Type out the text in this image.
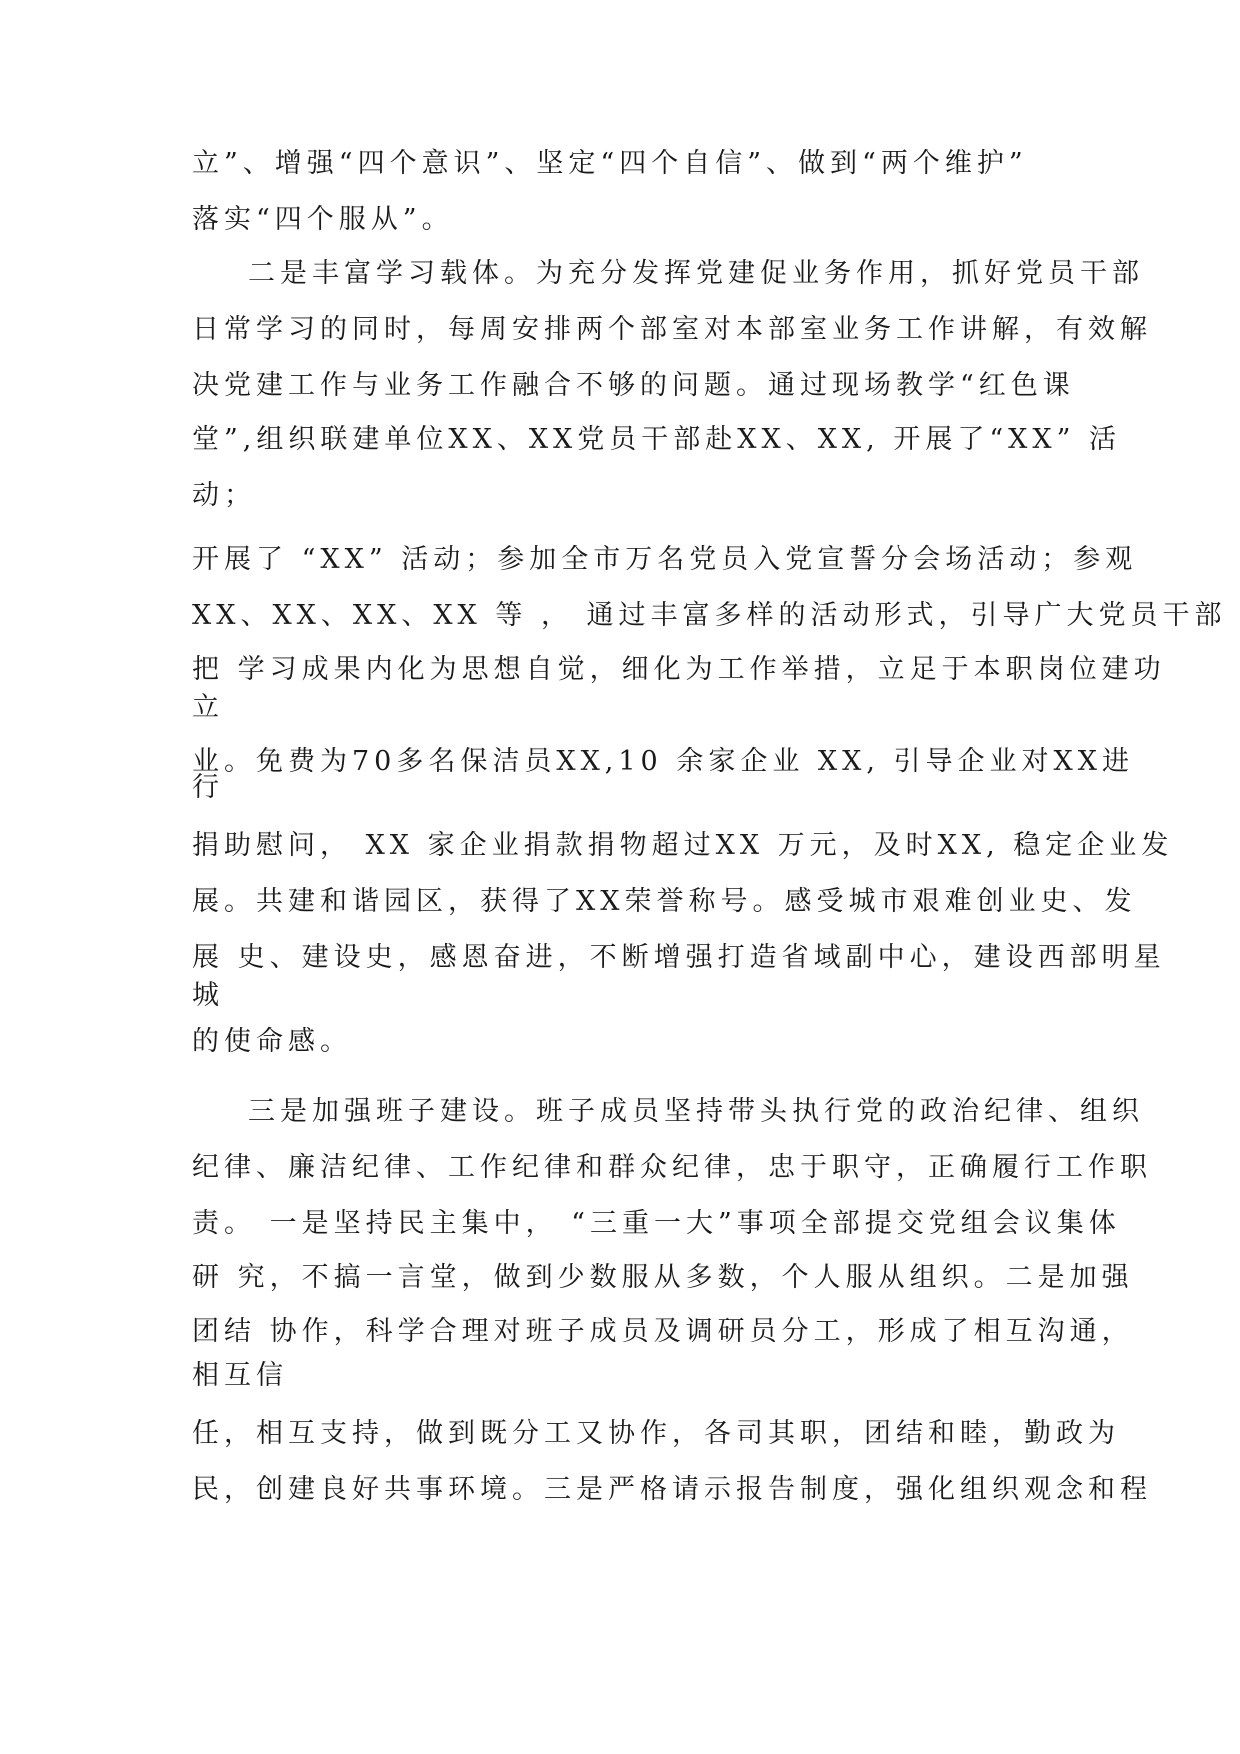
立”、增强“四个意识”、坚定“四个自信”、做到“两个维护”
落实“四个服从”。
二是丰富学习载体。为充分发挥党建促业务作用，抓好党员干部
日常学习的同时，每周安排两个部室对本部室业务工作讲解，有效解
决党建工作与业务工作融合不够的问题。通过现场教学“红色课
堂”,组织联建单位XX、XX党员干部赴XX、XX, 开展了“XX” 活
动；
开展了 “XX” 活动；参加全市万名党员入党宣誓分会场活动；参观
XX、XX、XX、XX 等 ， 通过丰富多样的活动形式，引导广大党员干部
把 学习成果内化为思想自觉，细化为工作举措，立足于本职岗位建功
立
业。免费为70多名保洁员XX,10 余家企业 XX, 引导企业对XX进
行
捐助慰问， XX 家企业捐款捐物超过XX 万元，及时XX, 稳定企业发
展。共建和谐园区，获得了XX荣誉称号。感受城市艰难创业史、发
展 史、建设史，感恩奋进，不断增强打造省域副中心，建设西部明星
城
的使命感。
三是加强班子建设。班子成员坚持带头执行党的政治纪律、组织
纪律、廉洁纪律、工作纪律和群众纪律，忠于职守，正确履行工作职
责。 一是坚持民主集中， “三重一大”事项全部提交党组会议集体
研 究，不搞一言堂，做到少数服从多数，个人服从组织。二是加强
团结 协作，科学合理对班子成员及调研员分工，形成了相互沟通，
相互信
任，相互支持，做到既分工又协作，各司其职，团结和睦，勤政为
民，创建良好共事环境。三是严格请示报告制度，强化组织观念和程
